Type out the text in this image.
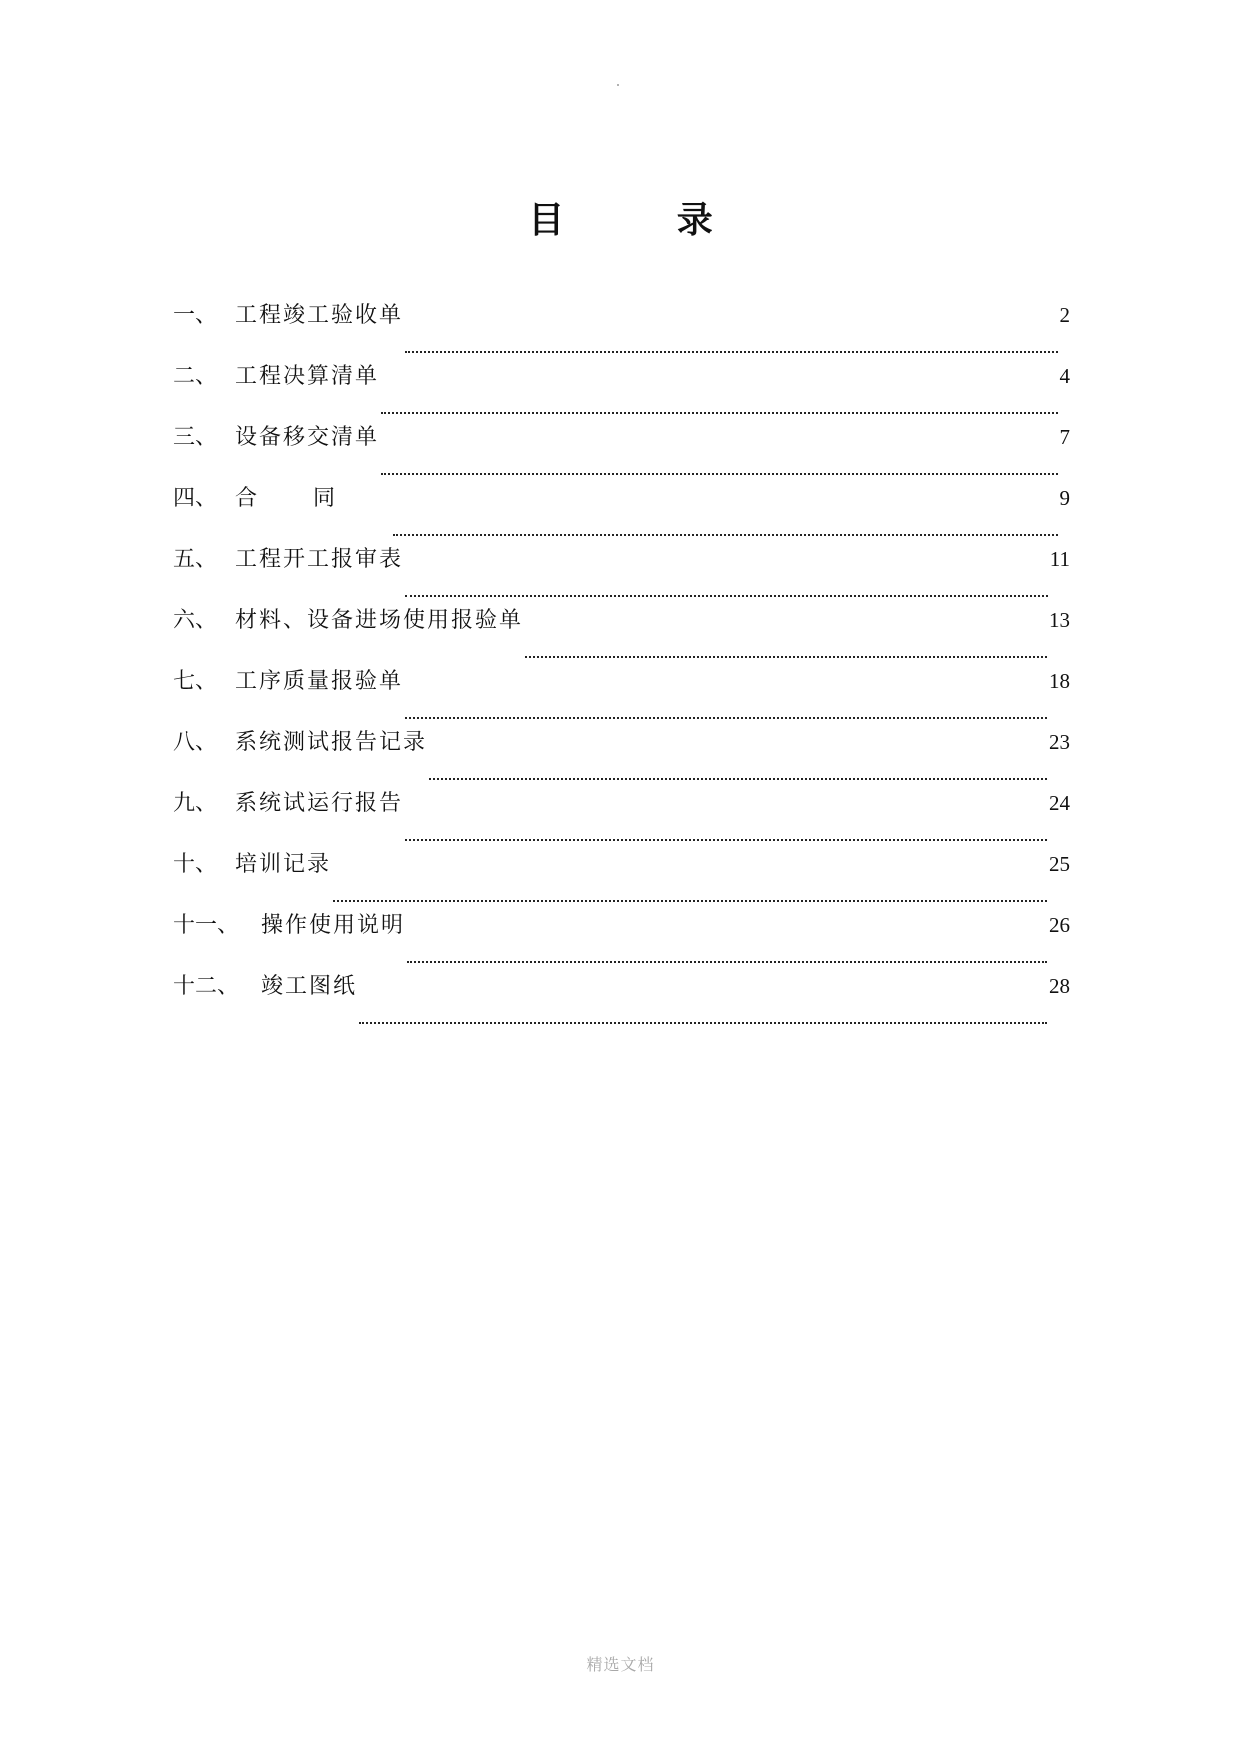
目 录
一、 工程竣工验收单	2
二、 工程决算清单	4
三、 设备移交清单	7
四、 合同	9
五、 工程开工报审表	11
六、 材料、设备进场使用报验单	13
七、 工序质量报验单	18
八、 系统测试报告记录	23
九、 系统试运行报告	24
十、 培训记录	25
十一、 操作使用说明	26
十二、 竣工图纸	28
精选文档
